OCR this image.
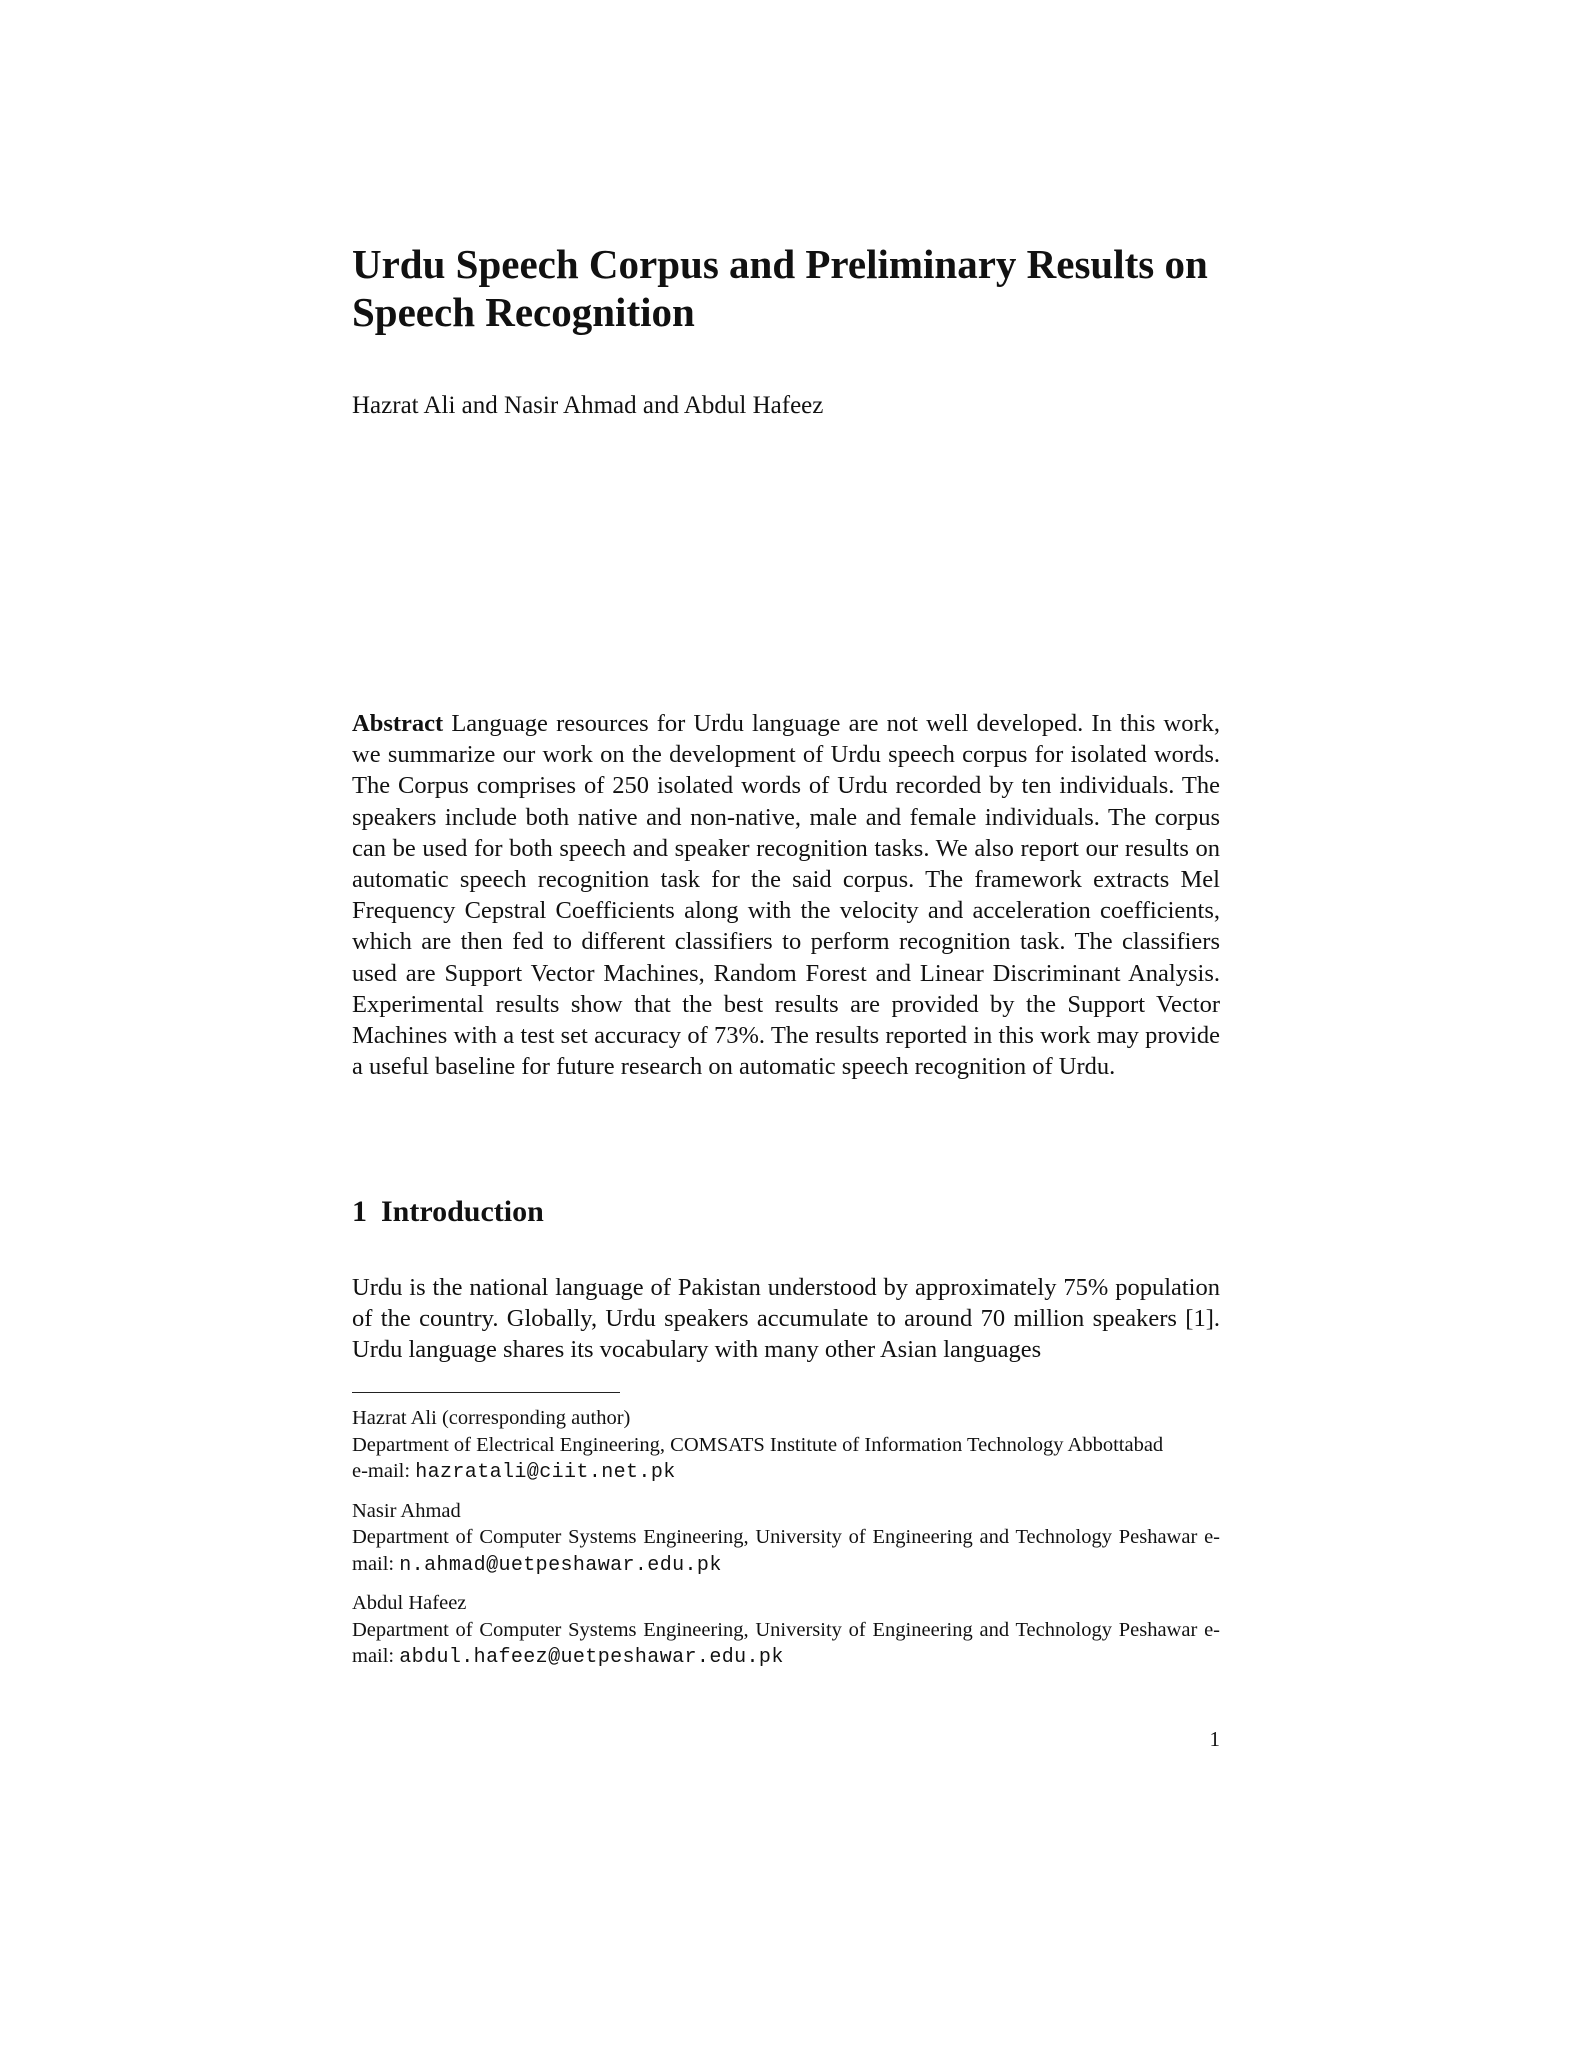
Urdu Speech Corpus and Preliminary Results on Speech Recognition

Hazrat Ali and Nasir Ahmad and Abdul Hafeez

Abstract Language resources for Urdu language are not well developed. In this work, we summarize our work on the development of Urdu speech corpus for isolated words. The Corpus comprises of 250 isolated words of Urdu recorded by ten individuals. The speakers include both native and non-native, male and female individuals. The corpus can be used for both speech and speaker recognition tasks. We also report our results on automatic speech recognition task for the said corpus. The framework extracts Mel Frequency Cepstral Coefficients along with the velocity and acceleration coefficients, which are then fed to different classifiers to perform recognition task. The classifiers used are Support Vector Machines, Random Forest and Linear Discriminant Analysis. Experimental results show that the best results are provided by the Support Vector Machines with a test set accuracy of 73%. The results reported in this work may provide a useful baseline for future research on automatic speech recognition of Urdu.

1 Introduction

Urdu is the national language of Pakistan understood by approximately 75% population of the country. Globally, Urdu speakers accumulate to around 70 million speakers [1]. Urdu language shares its vocabulary with many other Asian languages

Hazrat Ali (corresponding author)
Department of Electrical Engineering, COMSATS Institute of Information Technology Abbottabad
e-mail: hazratali@ciit.net.pk

Nasir Ahmad
Department of Computer Systems Engineering, University of Engineering and Technology Peshawar e-mail: n.ahmad@uetpeshawar.edu.pk

Abdul Hafeez
Department of Computer Systems Engineering, University of Engineering and Technology Peshawar e-mail: abdul.hafeez@uetpeshawar.edu.pk

1
